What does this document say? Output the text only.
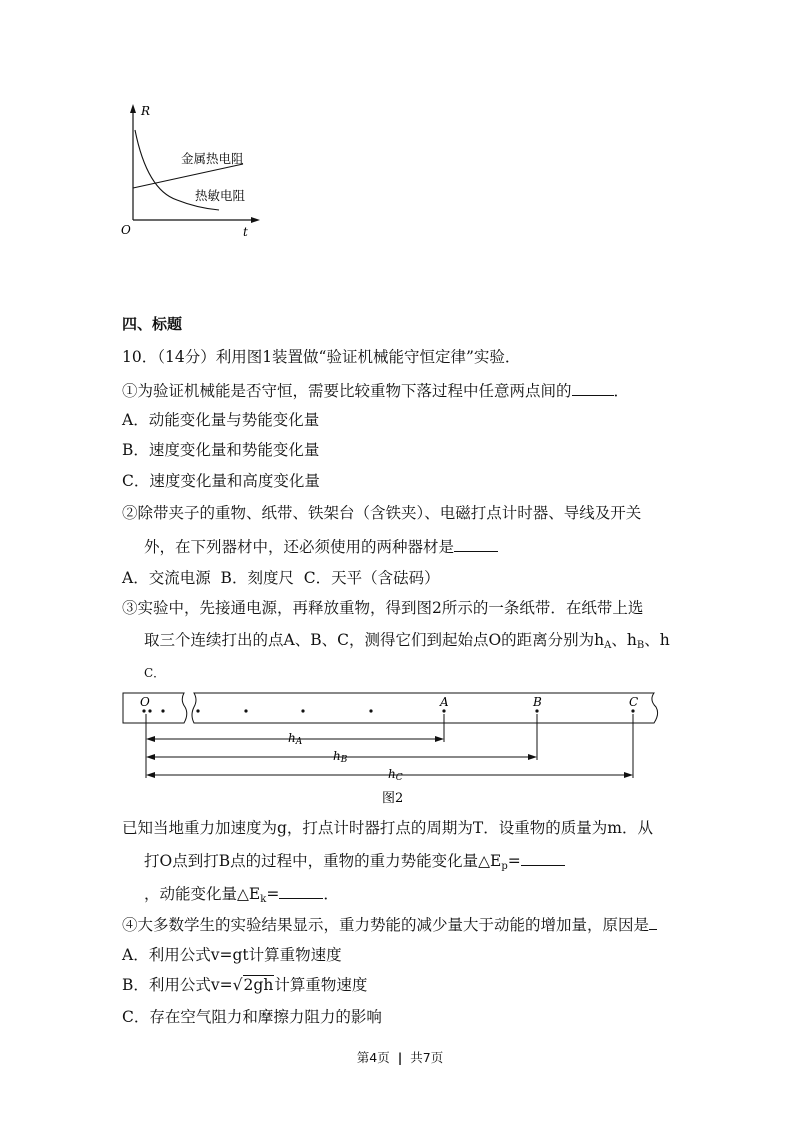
R
t
O
金属热电阻
热敏电阻
四、标题
10．（14分）利用图1装置做“验证机械能守恒定律”实验．
①为验证机械能是否守恒，需要比较重物下落过程中任意两点间的	．
A．动能变化量与势能变化量
B．速度变化量和势能变化量
C．速度变化量和高度变化量
②除带夹子的重物、纸带、铁架台（含铁夹）、电磁打点计时器、导线及开关
外，在下列器材中，还必须使用的两种器材是
A．交流电源  B．刻度尺  C．天平（含砝码）
③实验中，先接通电源，再释放重物，得到图2所示的一条纸带．在纸带上选
取三个连续打出的点A、B、C，测得它们到起始点O的距离分别为$h_A$、$h_B$、h
C．
O	A	B	C
hA
hB
hC
图2
已知当地重力加速度为g，打点计时器打点的周期为T．设重物的质量为m．从
打O点到打B点的过程中，重物的重力势能变化量$\triangle E_p=$
，动能变化量$\triangle E_k=$	．
④大多数学生的实验结果显示，重力势能的减少量大于动能的增加量，原因是
A．利用公式v=gt计算重物速度
B．利用公式v=√2gh计算重物速度
C．存在空气阻力和摩擦力阻力的影响
第4页 | 共7页
